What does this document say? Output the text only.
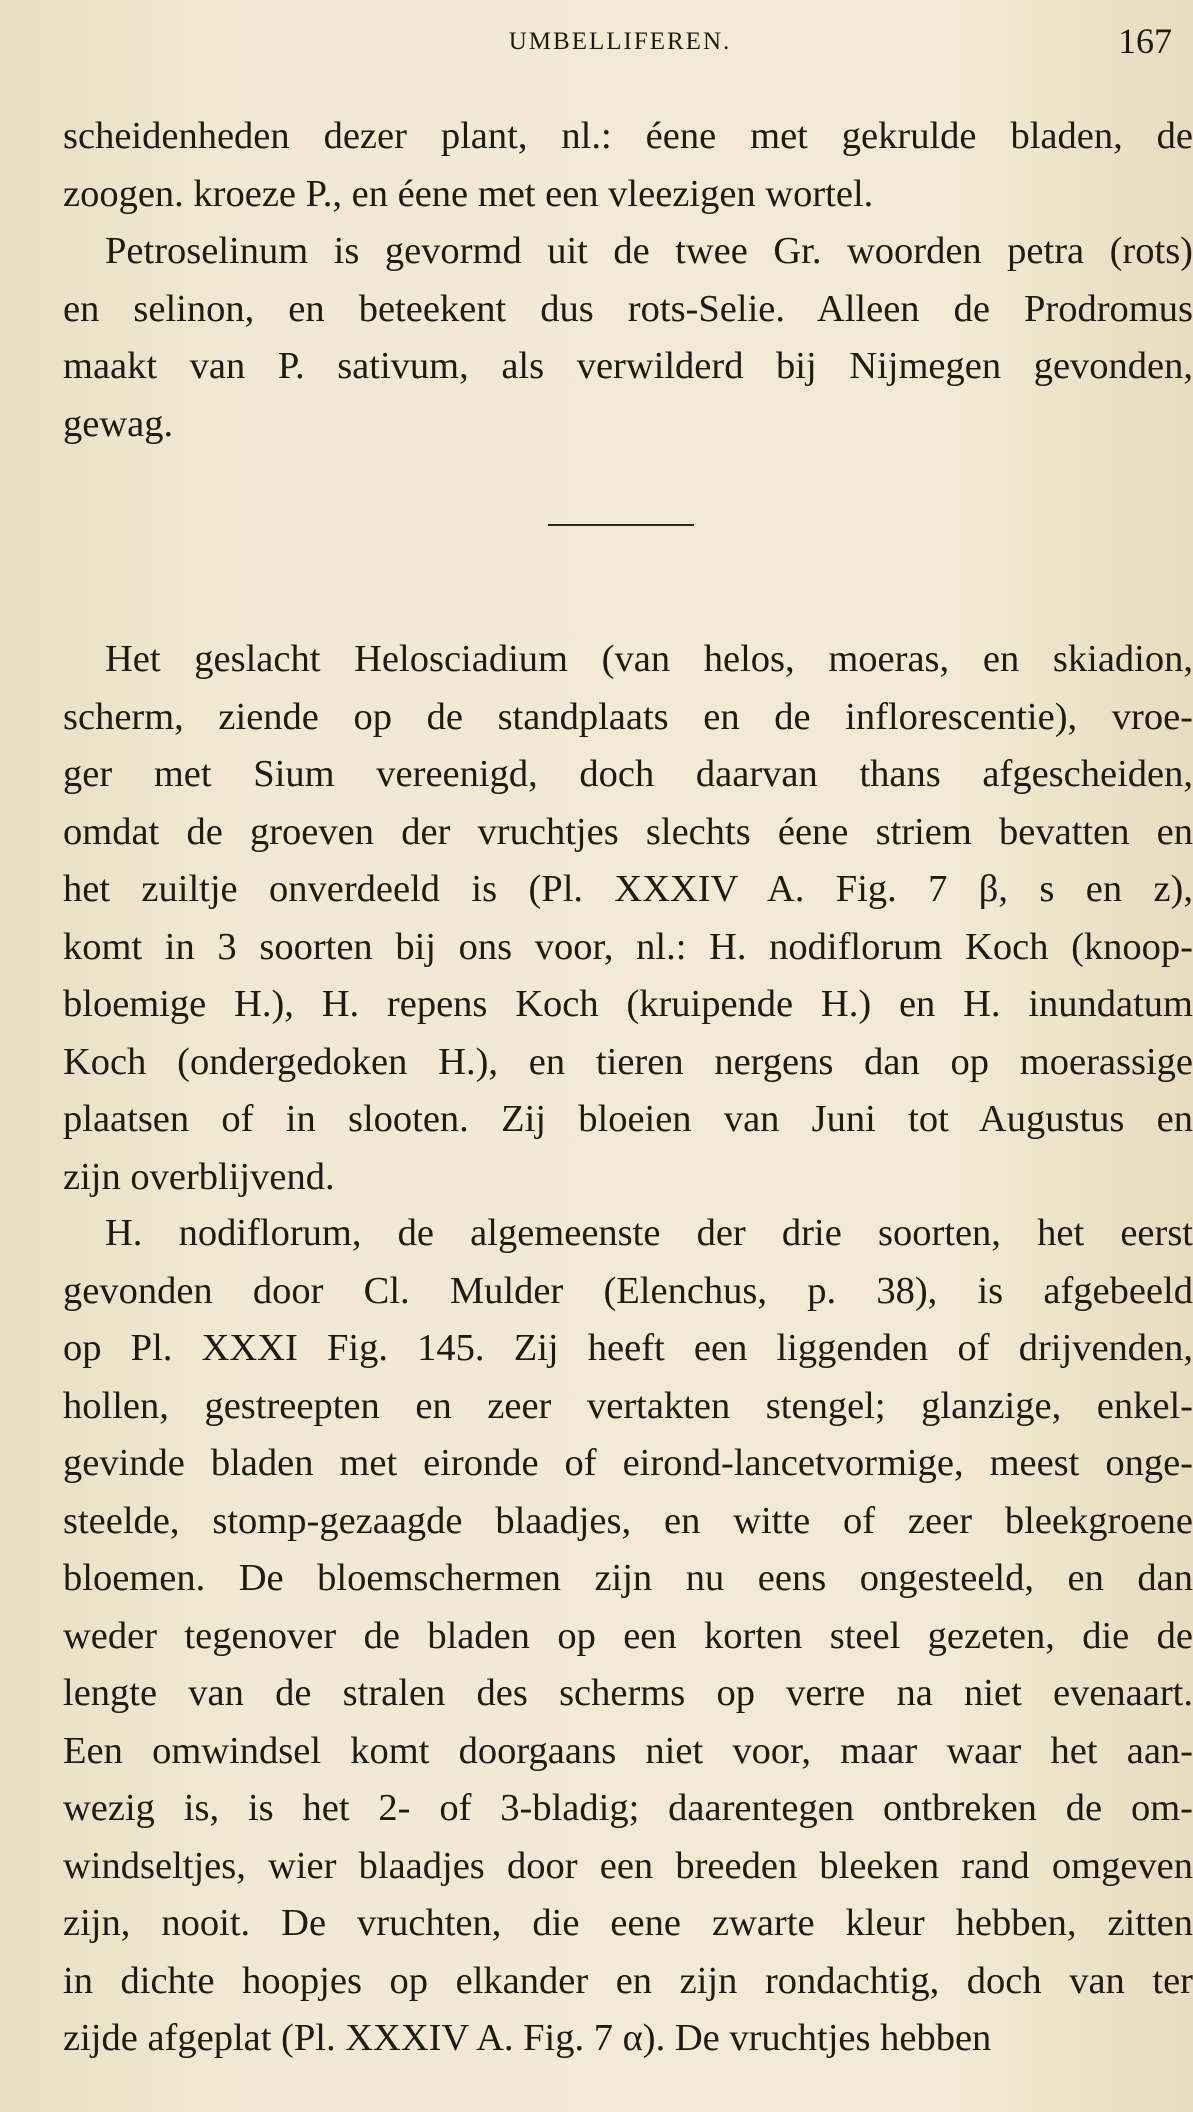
UMBELLIFEREN.	167
scheidenheden dezer plant, nl.: éene met gekrulde bladen, de
zoogen. kroeze P., en éene met een vleezigen wortel.
Petroselinum is gevormd uit de twee Gr. woorden petra (rots)
en selinon, en beteekent dus rots-Selie. Alleen de Prodromus
maakt van P. sativum, als verwilderd bij Nijmegen gevonden,
gewag.
Het geslacht Helosciadium (van helos, moeras, en skiadion,
scherm, ziende op de standplaats en de inflorescentie), vroe-
ger met Sium vereenigd, doch daarvan thans afgescheiden,
omdat de groeven der vruchtjes slechts éene striem bevatten en
het zuiltje onverdeeld is (Pl. XXXIV A. Fig. 7 β, s en z),
komt in 3 soorten bij ons voor, nl.: H. nodiflorum Koch (knoop-
bloemige H.), H. repens Koch (kruipende H.) en H. inundatum
Koch (ondergedoken H.), en tieren nergens dan op moerassige
plaatsen of in slooten. Zij bloeien van Juni tot Augustus en
zijn overblijvend.
H. nodiflorum, de algemeenste der drie soorten, het eerst
gevonden door Cl. Mulder (Elenchus, p. 38), is afgebeeld
op Pl. XXXI Fig. 145. Zij heeft een liggenden of drijvenden,
hollen, gestreepten en zeer vertakten stengel; glanzige, enkel-
gevinde bladen met eironde of eirond-lancetvormige, meest onge-
steelde, stomp-gezaagde blaadjes, en witte of zeer bleekgroene
bloemen. De bloemschermen zijn nu eens ongesteeld, en dan
weder tegenover de bladen op een korten steel gezeten, die de
lengte van de stralen des scherms op verre na niet evenaart.
Een omwindsel komt doorgaans niet voor, maar waar het aan-
wezig is, is het 2- of 3-bladig; daarentegen ontbreken de om-
windseltjes, wier blaadjes door een breeden bleeken rand omgeven
zijn, nooit. De vruchten, die eene zwarte kleur hebben, zitten
in dichte hoopjes op elkander en zijn rondachtig, doch van ter
zijde afgeplat (Pl. XXXIV A. Fig. 7 α). De vruchtjes hebben
